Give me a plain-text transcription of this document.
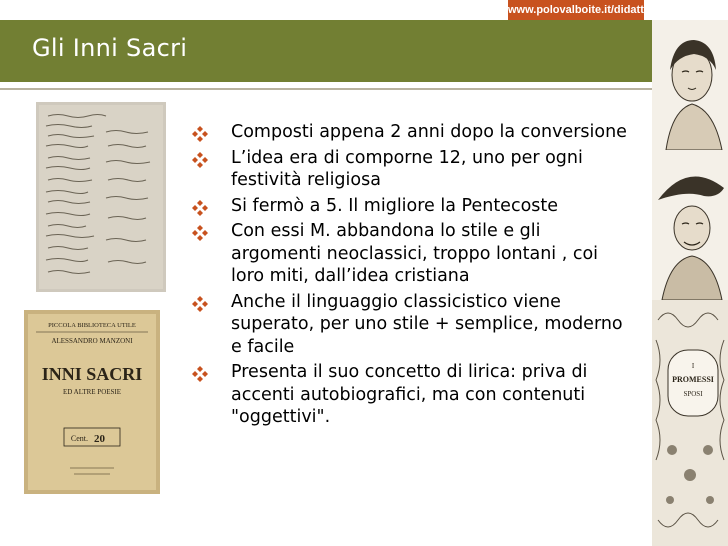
www.polovalboite.it/didattica.htm
Gli Inni Sacri
PICCOLA BIBLIOTECA UTILE
ALESSANDRO MANZONI
INNI SACRI
ED ALTRE POESIE
Cent. 20
Composti appena 2 anni dopo la conversione
L’idea era di comporne 12, uno per ogni festività religiosa
Si fermò a 5. Il migliore la Pentecoste
Con essi M. abbandona lo stile e gli argomenti neoclassici, troppo lontani , coi loro miti, dall’idea cristiana
Anche il linguaggio classicistico viene superato, per uno stile + semplice, moderno e facile
Presenta il suo concetto di lirica: priva di accenti autobiografici, ma con contenuti "oggettivi".
I
PROMESSI
SPOSI
